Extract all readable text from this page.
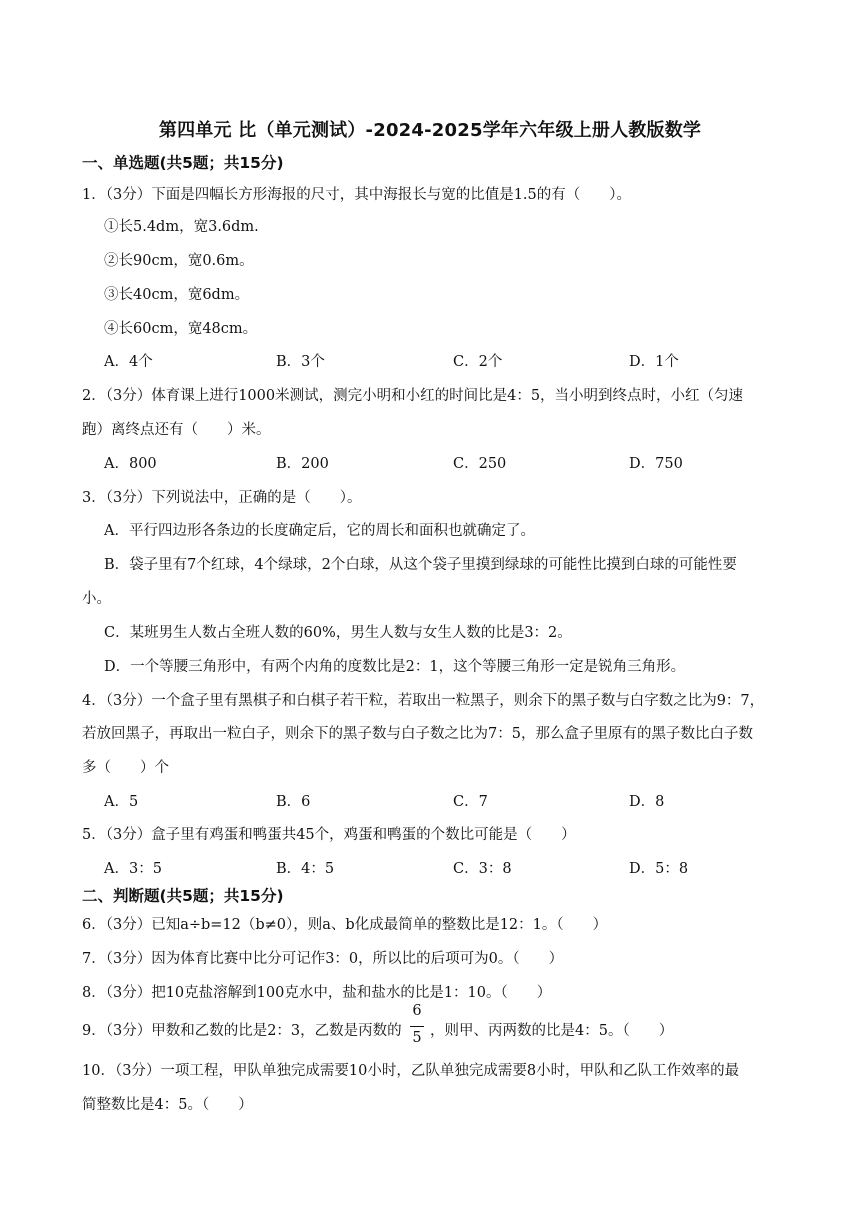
第四单元 比（单元测试）-2024-2025学年六年级上册人教版数学
一、单选题(共5题；共15分)
1．（3分）下面是四幅长方形海报的尺寸，其中海报长与宽的比值是1.5的有（　　）。
①长5.4dm，宽3.6dm.
②长90cm，宽0.6m。
③长40cm，宽6dm。
④长60cm，宽48cm。
A．4个	B．3个	C．2个	D．1个
2．（3分）体育课上进行1000米测试，测完小明和小红的时间比是4：5，当小明到终点时，小红（匀速
跑）离终点还有（　　）米。
A．800	B．200	C．250	D．750
3．（3分）下列说法中，正确的是（　　）。
A．平行四边形各条边的长度确定后，它的周长和面积也就确定了。
B．袋子里有7个红球，4个绿球，2个白球，从这个袋子里摸到绿球的可能性比摸到白球的可能性要
小。
C．某班男生人数占全班人数的60%，男生人数与女生人数的比是3：2。
D．一个等腰三角形中，有两个内角的度数比是2：1，这个等腰三角形一定是锐角三角形。
4．（3分）一个盒子里有黑棋子和白棋子若干粒，若取出一粒黑子，则余下的黑子数与白字数之比为9：7，
若放回黑子，再取出一粒白子，则余下的黑子数与白子数之比为7：5，那么盒子里原有的黑子数比白子数
多（　　）个
A．5	B．6	C．7	D．8
5．（3分）盒子里有鸡蛋和鸭蛋共45个，鸡蛋和鸭蛋的个数比可能是（　　）
A．3：5	B．4：5	C．3：8	D．5：8
二、判断题(共5题；共15分)
6．（3分）已知a÷b=12（b≠0），则a、b化成最简单的整数比是12：1。（　　）
7．（3分）因为体育比赛中比分可记作3：0，所以比的后项可为0。（　　）
8．（3分）把10克盐溶解到100克水中，盐和盐水的比是1：10。（　　）
9．（3分）甲数和乙数的比是2：3，乙数是丙数的
6
5 ，则甲、丙两数的比是4：5。（　　）
10．（3分）一项工程，甲队单独完成需要10小时，乙队单独完成需要8小时，甲队和乙队工作效率的最
简整数比是4：5。（　　）
